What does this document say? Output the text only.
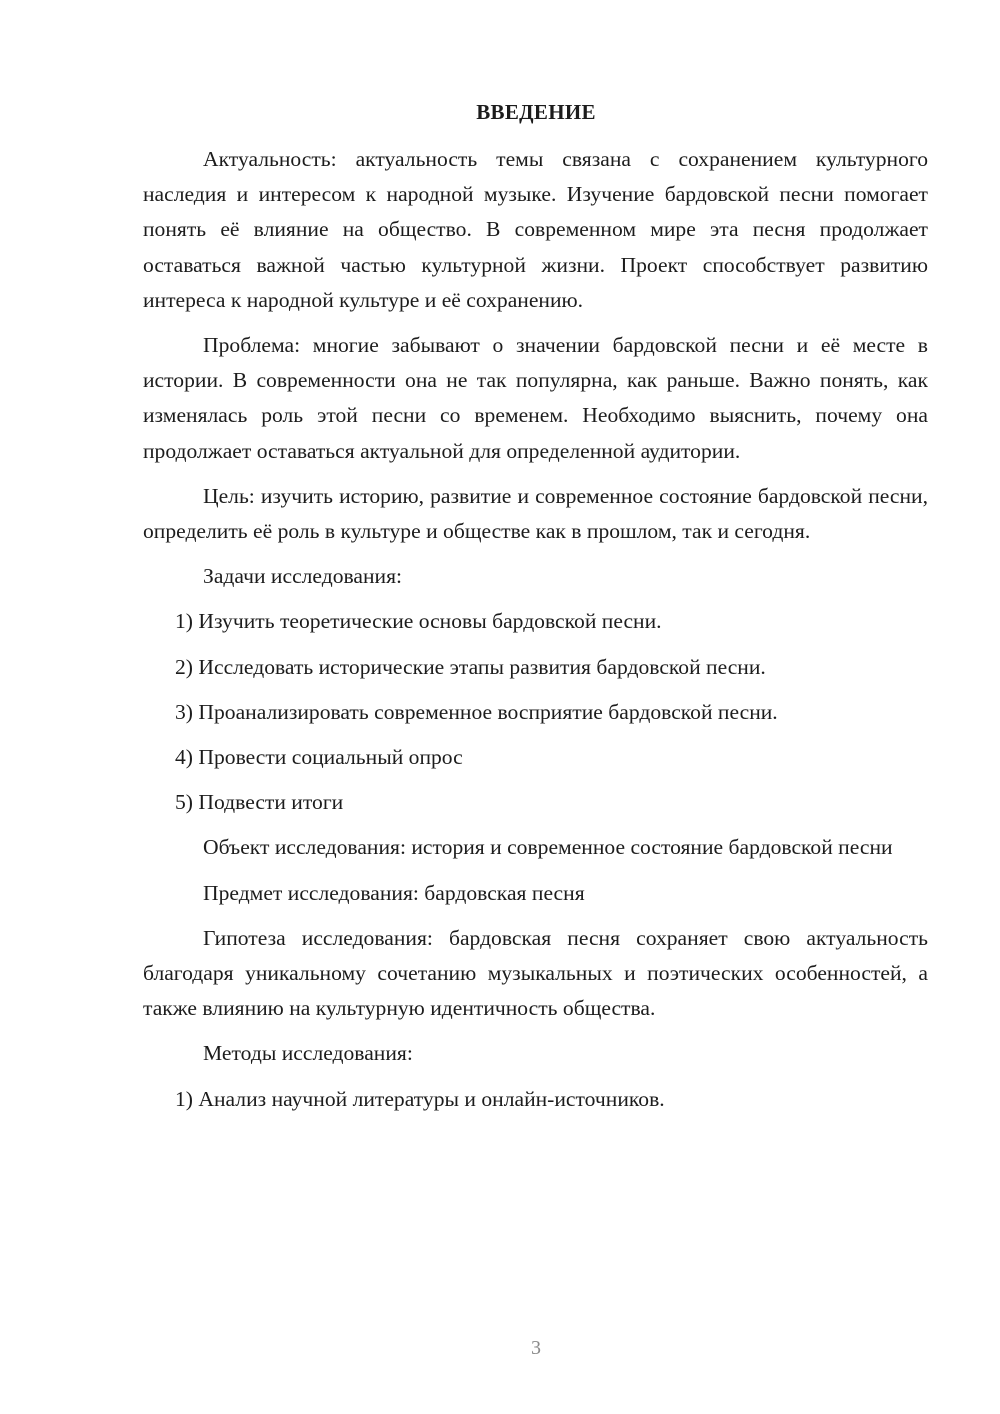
ВВЕДЕНИЕ

Актуальность: актуальность темы связана с сохранением культурного наследия и интересом к народной музыке. Изучение бардовской песни помогает понять её влияние на общество. В современном мире эта песня продолжает оставаться важной частью культурной жизни. Проект способствует развитию интереса к народной культуре и её сохранению.

Проблема: многие забывают о значении бардовской песни и её месте в истории. В современности она не так популярна, как раньше. Важно понять, как изменялась роль этой песни со временем. Необходимо выяснить, почему она продолжает оставаться актуальной для определенной аудитории.

Цель: изучить историю, развитие и современное состояние бардовской песни, определить её роль в культуре и обществе как в прошлом, так и сегодня.

Задачи исследования:

1) Изучить теоретические основы бардовской песни.

2) Исследовать исторические этапы развития бардовской песни.

3) Проанализировать современное восприятие бардовской песни.

4) Провести социальный опрос

5) Подвести итоги

Объект исследования: история и современное состояние бардовской песни

Предмет исследования: бардовская песня

Гипотеза исследования: бардовская песня сохраняет свою актуальность благодаря уникальному сочетанию музыкальных и поэтических особенностей, а также влиянию на культурную идентичность общества.

Методы исследования:

1) Анализ научной литературы и онлайн-источников.

3
